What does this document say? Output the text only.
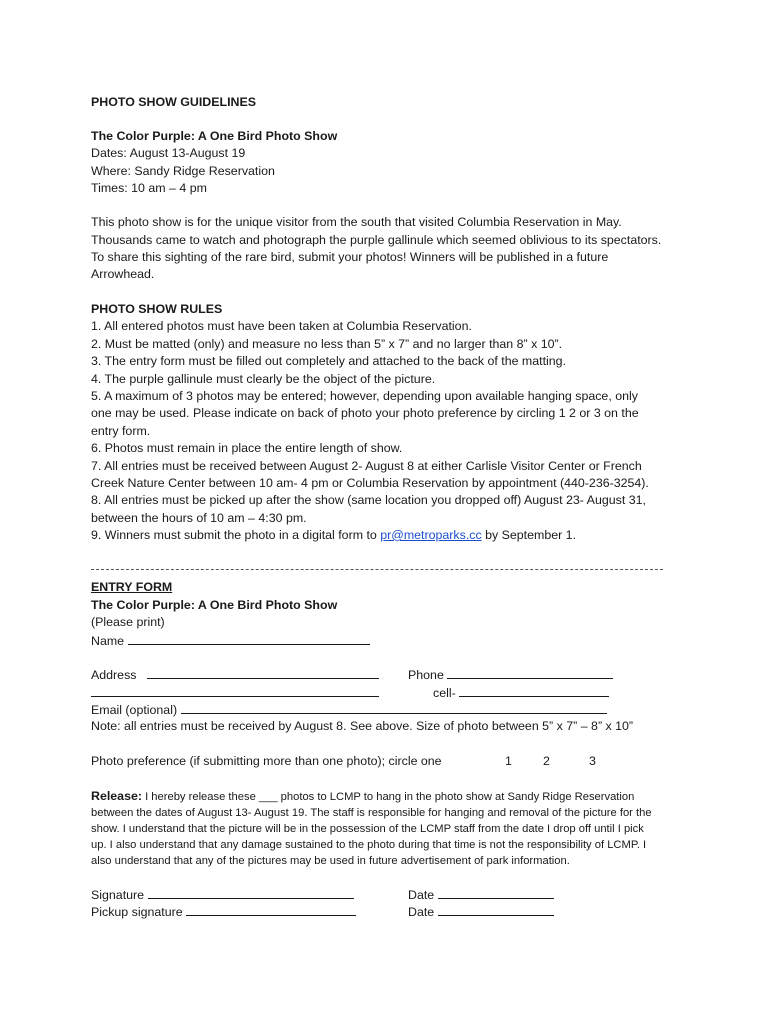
PHOTO SHOW GUIDELINES
The Color Purple: A One Bird Photo Show
Dates: August 13-August 19
Where: Sandy Ridge Reservation
Times: 10 am – 4 pm
This photo show is for the unique visitor from the south that visited Columbia Reservation in May.
Thousands came to watch and photograph the purple gallinule which seemed oblivious to its spectators.
To share this sighting of the rare bird, submit your photos! Winners will be published in a future
Arrowhead.
PHOTO SHOW RULES
1. All entered photos must have been taken at Columbia Reservation.
2. Must be matted (only) and measure no less than 5” x 7” and no larger than 8” x 10”.
3. The entry form must be filled out completely and attached to the back of the matting.
4. The purple gallinule must clearly be the object of the picture.
5. A maximum of 3 photos may be entered; however, depending upon available hanging space, only
one may be used. Please indicate on back of photo your photo preference by circling 1 2 or 3 on the
entry form.
6. Photos must remain in place the entire length of show.
7. All entries must be received between August 2- August 8 at either Carlisle Visitor Center or French
Creek Nature Center between 10 am- 4 pm or Columbia Reservation by appointment (440-236-3254).
8. All entries must be picked up after the show (same location you dropped off) August 23- August 31,
between the hours of 10 am – 4:30 pm.
9. Winners must submit the photo in a digital form to pr@metroparks.cc by September 1.
ENTRY FORM
The Color Purple: A One Bird Photo Show
(Please print)
Name
Address	Phone
cell-
Email (optional)
Note: all entries must be received by August 8. See above. Size of photo between 5” x 7” – 8” x 10”
Photo preference (if submitting more than one photo); circle one	1	2	3
Release: I hereby release these ___ photos to LCMP to hang in the photo show at Sandy Ridge Reservation
between the dates of August 13- August 19. The staff is responsible for hanging and removal of the picture for the
show. I understand that the picture will be in the possession of the LCMP staff from the date I drop off until I pick
up. I also understand that any damage sustained to the photo during that time is not the responsibility of LCMP. I
also understand that any of the pictures may be used in future advertisement of park information.
Signature	Date
Pickup signature	Date
